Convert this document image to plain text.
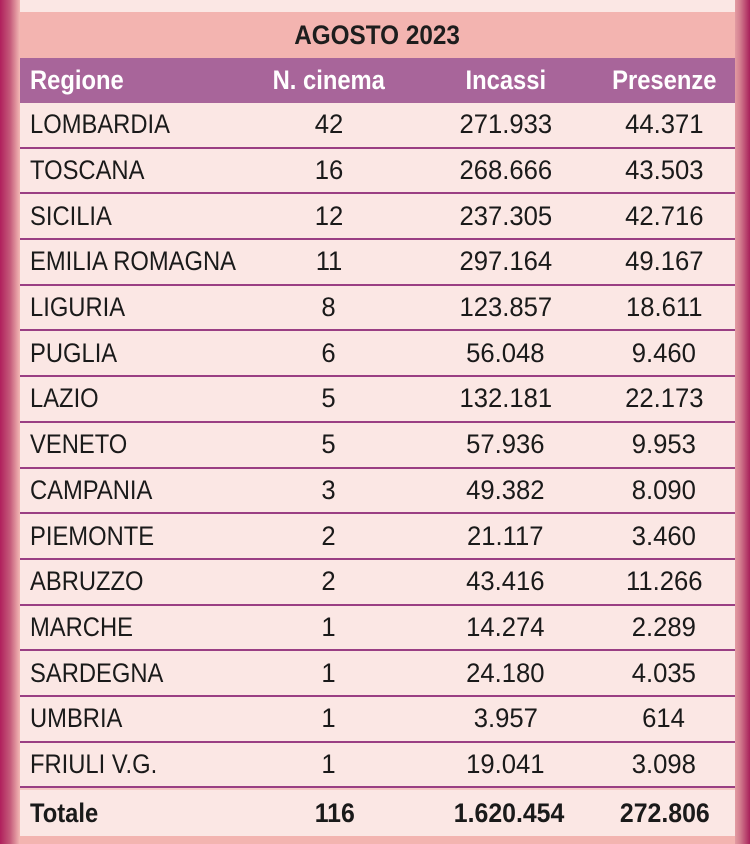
AGOSTO 2023
Regione	N. cinema	Incassi	Presenze
LOMBARDIA	42	271.933	44.371
TOSCANA	16	268.666	43.503
SICILIA	12	237.305	42.716
EMILIA ROMAGNA	11	297.164	49.167
LIGURIA	8	123.857	18.611
PUGLIA	6	56.048	9.460
LAZIO	5	132.181	22.173
VENETO	5	57.936	9.953
CAMPANIA	3	49.382	8.090
PIEMONTE	2	21.117	3.460
ABRUZZO	2	43.416	11.266
MARCHE	1	14.274	2.289
SARDEGNA	1	24.180	4.035
UMBRIA	1	3.957	614
FRIULI V.G.	1	19.041	3.098
Totale	116	1.620.454	272.806
